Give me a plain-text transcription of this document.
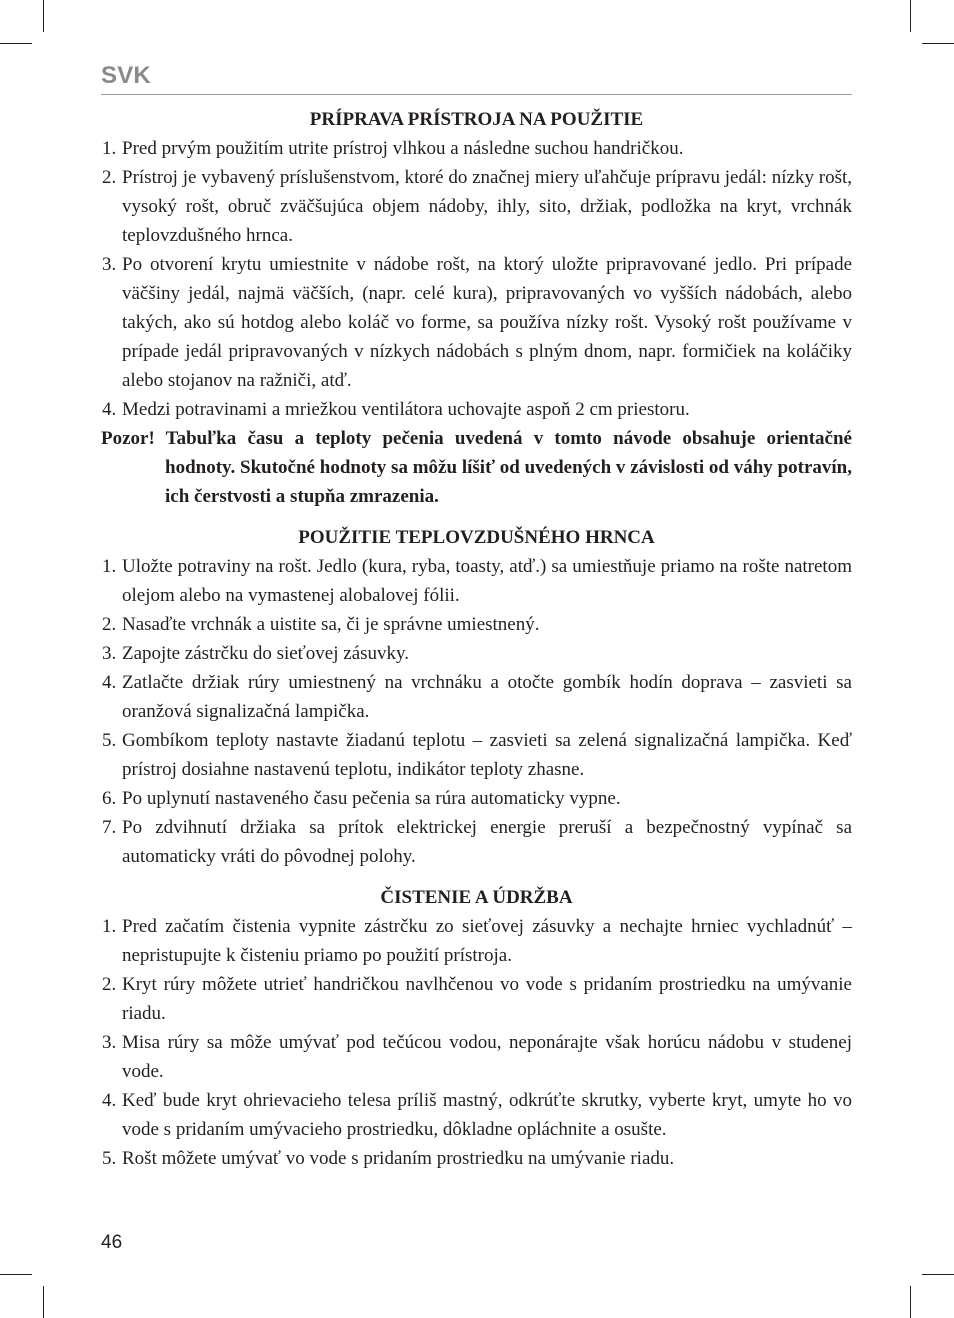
SVK
PRÍPRAVA PRÍSTROJA NA POUŽITIE
1. Pred prvým použitím utrite prístroj vlhkou a následne suchou handričkou.
2. Prístroj je vybavený príslušenstvom, ktoré do značnej miery uľahčuje prípravu jedál: nízky rošt, vysoký rošt, obruč zväčšujúca objem nádoby, ihly, sito, držiak, podložka na kryt, vrchnák teplovzdušného hrnca.
3. Po otvorení krytu umiestnite v nádobe rošt, na ktorý uložte pripravované jedlo. Pri prípade väčšiny jedál, najmä väčších, (napr. celé kura), pripravovaných vo vyšších nádobách, alebo takých, ako sú hotdog alebo koláč vo forme, sa používa nízky rošt. Vysoký rošt používame v prípade jedál pripravovaných v nízkych nádobách s plným dnom, napr. formičiek na koláčiky alebo stojanov na ražniči, atď.
4. Medzi potravinami a mriežkou ventilátora uchovajte aspoň 2 cm priestoru.
Pozor! Tabuľka času a teploty pečenia uvedená v tomto návode obsahuje orientačné hodnoty. Skutočné hodnoty sa môžu líšiť od uvedených v závislosti od váhy potravín, ich čerstvosti a stupňa zmrazenia.
POUŽITIE TEPLOVZDUŠNÉHO HRNCA
1. Uložte potraviny na rošt. Jedlo (kura, ryba, toasty, atď.) sa umiestňuje priamo na rošte natretom olejom alebo na vymastenej alobalovej fólii.
2. Nasaďte vrchnák a uistite sa, či je správne umiestnený.
3. Zapojte zástrčku do sieťovej zásuvky.
4. Zatlačte držiak rúry umiestnený na vrchnáku a otočte gombík hodín doprava – zasvieti sa oranžová signalizačná lampička.
5. Gombíkom teploty nastavte žiadanú teplotu – zasvieti sa zelená signalizačná lampička. Keď prístroj dosiahne nastavenú teplotu, indikátor teploty zhasne.
6. Po uplynutí nastaveného času pečenia sa rúra automaticky vypne.
7. Po zdvihnutí držiaka sa prítok elektrickej energie preruší a bezpečnostný vypínač sa automaticky vráti do pôvodnej polohy.
ČISTENIE A ÚDRŽBA
1. Pred začatím čistenia vypnite zástrčku zo sieťovej zásuvky a nechajte hrniec vychladnúť – nepristupujte k čisteniu priamo po použití prístroja.
2. Kryt rúry môžete utrieť handričkou navlhčenou vo vode s pridaním prostriedku na umývanie riadu.
3. Misa rúry sa môže umývať pod tečúcou vodou, neponárajte však horúcu nádobu v studenej vode.
4. Keď bude kryt ohrievacieho telesa príliš mastný, odkrúťte skrutky, vyberte kryt, umyte ho vo vode s pridaním umývacieho prostriedku, dôkladne opláchnite a osušte.
5. Rošt môžete umývať vo vode s pridaním prostriedku na umývanie riadu.
46
